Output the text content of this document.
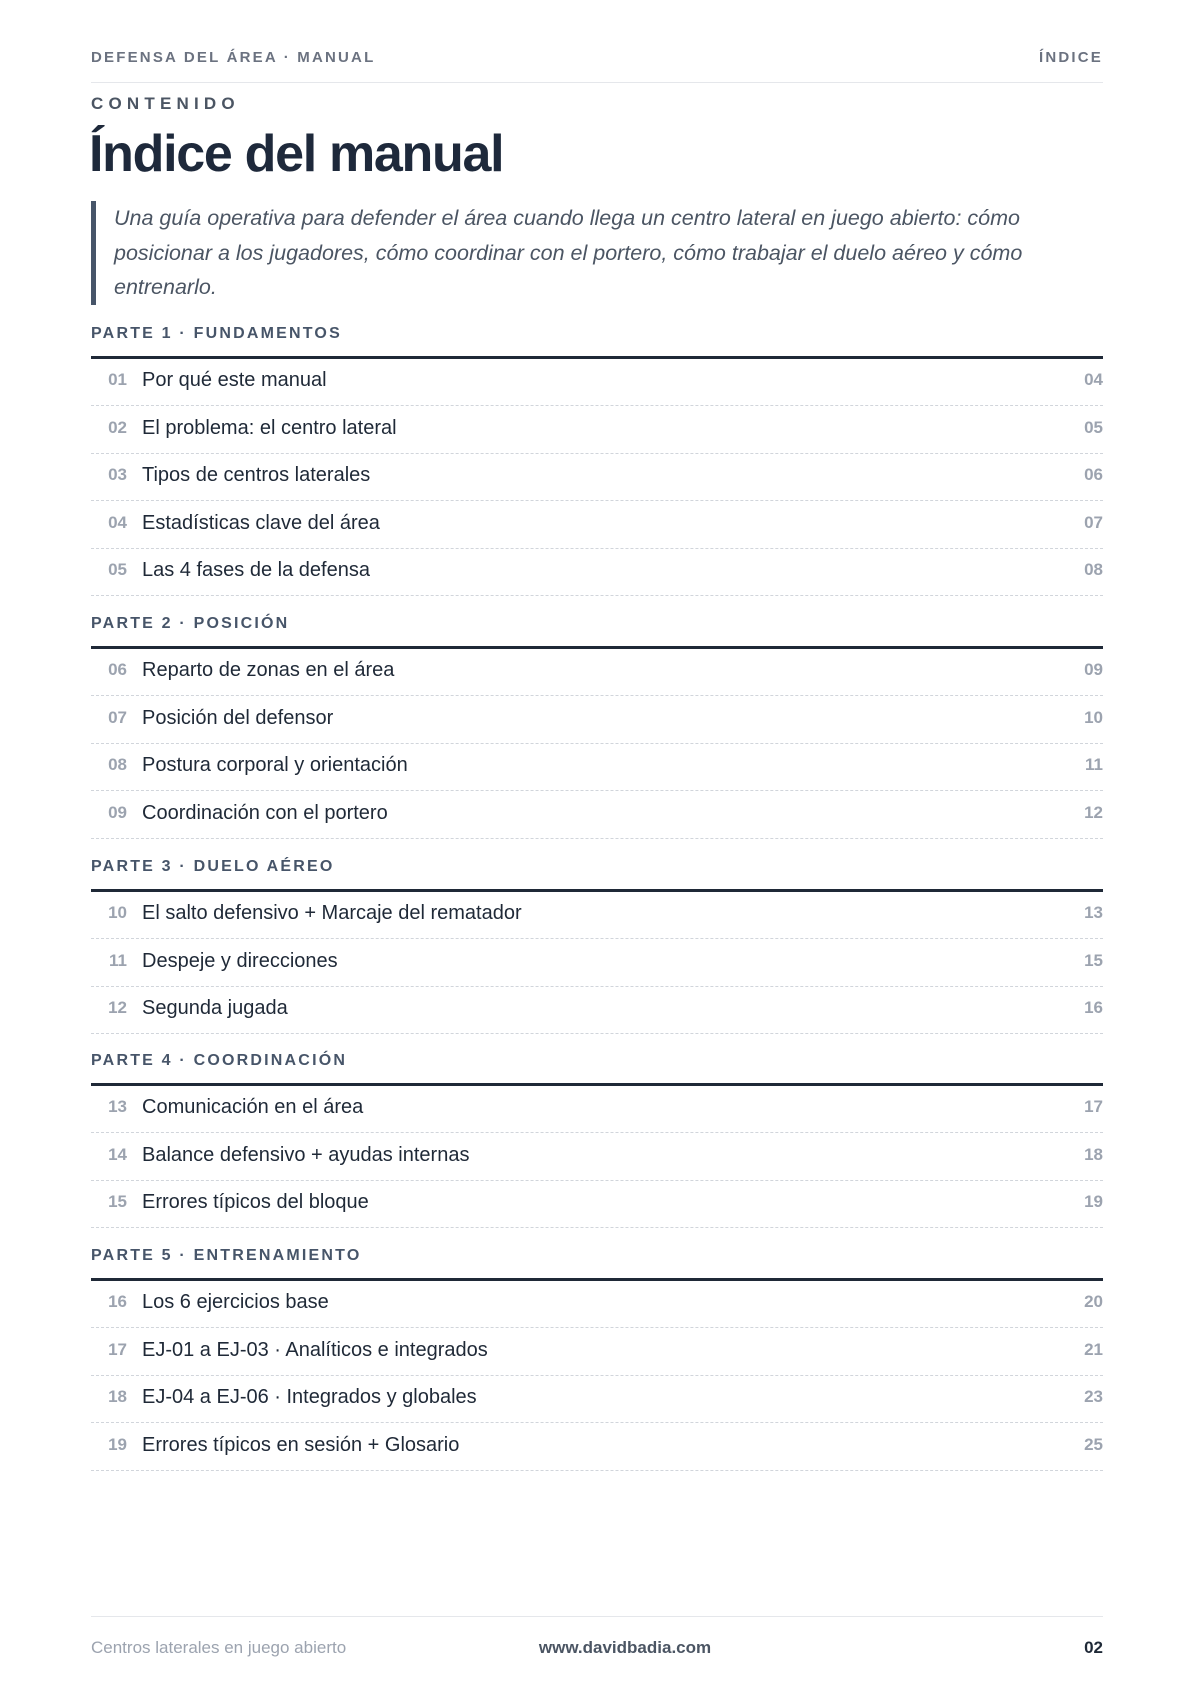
DEFENSA DEL ÁREA · MANUAL	ÍNDICE
CONTENIDO
Índice del manual

Una guía operativa para defender el área cuando llega un centro lateral en juego abierto: cómo posicionar a los jugadores, cómo coordinar con el portero, cómo trabajar el duelo aéreo y cómo entrenarlo.

PARTE 1 · FUNDAMENTOS
01 Por qué este manual	04
02 El problema: el centro lateral	05
03 Tipos de centros laterales	06
04 Estadísticas clave del área	07
05 Las 4 fases de la defensa	08
PARTE 2 · POSICIÓN
06 Reparto de zonas en el área	09
07 Posición del defensor	10
08 Postura corporal y orientación	11
09 Coordinación con el portero	12
PARTE 3 · DUELO AÉREO
10 El salto defensivo + Marcaje del rematador	13
11 Despeje y direcciones	15
12 Segunda jugada	16
PARTE 4 · COORDINACIÓN
13 Comunicación en el área	17
14 Balance defensivo + ayudas internas	18
15 Errores típicos del bloque	19
PARTE 5 · ENTRENAMIENTO
16 Los 6 ejercicios base	20
17 EJ-01 a EJ-03 · Analíticos e integrados	21
18 EJ-04 a EJ-06 · Integrados y globales	23
19 Errores típicos en sesión + Glosario	25
Centros laterales en juego abierto	www.davidbadia.com	02
